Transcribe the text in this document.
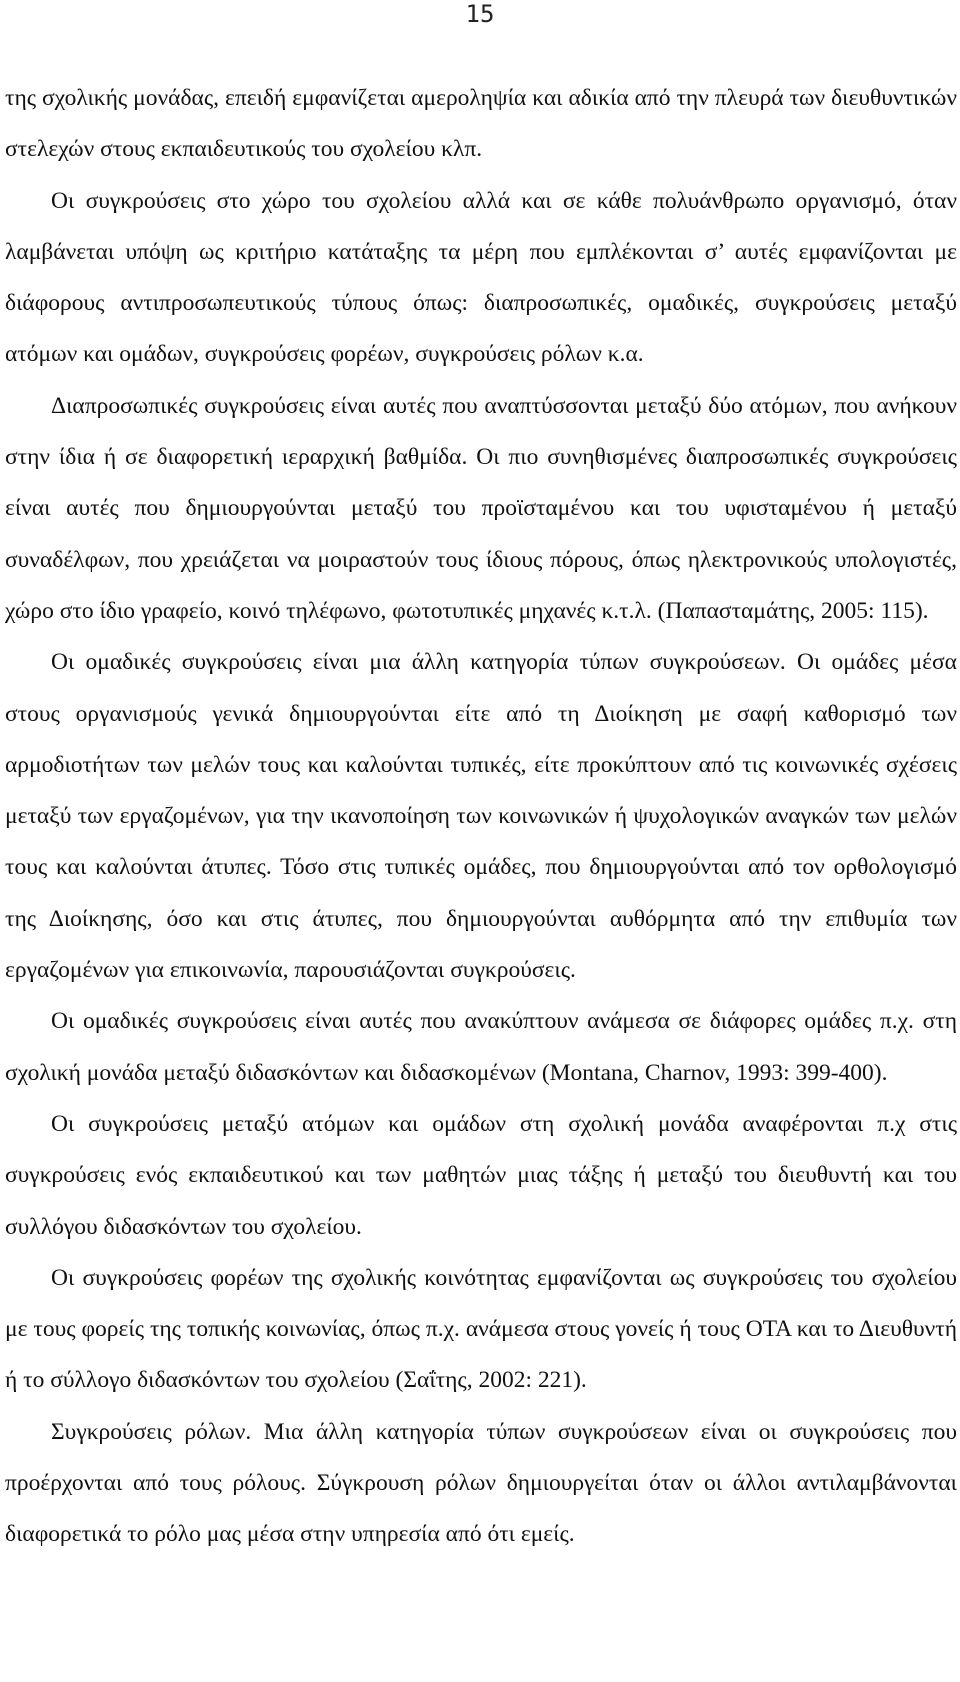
15

της σχολικής μονάδας, επειδή εμφανίζεται αμεροληψία και αδικία από την πλευρά των διευθυντικών στελεχών στους εκπαιδευτικούς του σχολείου κλπ.

Οι συγκρούσεις στο χώρο του σχολείου αλλά και σε κάθε πολυάνθρωπο οργανισμό, όταν λαμβάνεται υπόψη ως κριτήριο κατάταξης τα μέρη που εμπλέκονται σ’ αυτές εμφανίζονται με διάφορους αντιπροσωπευτικούς τύπους όπως: διαπροσωπικές, ομαδικές, συγκρούσεις μεταξύ ατόμων και ομάδων, συγκρούσεις φορέων, συγκρούσεις ρόλων κ.α.

Διαπροσωπικές συγκρούσεις είναι αυτές που αναπτύσσονται μεταξύ δύο ατόμων, που ανήκουν στην ίδια ή σε διαφορετική ιεραρχική βαθμίδα. Οι πιο συνηθισμένες διαπροσωπικές συγκρούσεις είναι αυτές που δημιουργούνται μεταξύ του προϊσταμένου και του υφισταμένου ή μεταξύ συναδέλφων, που χρειάζεται να μοιραστούν τους ίδιους πόρους, όπως ηλεκτρονικούς υπολογιστές, χώρο στο ίδιο γραφείο, κοινό τηλέφωνο, φωτοτυπικές μηχανές κ.τ.λ. (Παπασταμάτης, 2005: 115).

Οι ομαδικές συγκρούσεις είναι μια άλλη κατηγορία τύπων συγκρούσεων. Οι ομάδες μέσα στους οργανισμούς γενικά δημιουργούνται είτε από τη Διοίκηση με σαφή καθορισμό των αρμοδιοτήτων των μελών τους και καλούνται τυπικές, είτε προκύπτουν από τις κοινωνικές σχέσεις μεταξύ των εργαζομένων, για την ικανοποίηση των κοινωνικών ή ψυχολογικών αναγκών των μελών τους και καλούνται άτυπες. Τόσο στις τυπικές ομάδες, που δημιουργούνται από τον ορθολογισμό της Διοίκησης, όσο και στις άτυπες, που δημιουργούνται αυθόρμητα από την επιθυμία των εργαζομένων για επικοινωνία, παρουσιάζονται συγκρούσεις.

Οι ομαδικές συγκρούσεις είναι αυτές που ανακύπτουν ανάμεσα σε διάφορες ομάδες π.χ. στη σχολική μονάδα μεταξύ διδασκόντων και διδασκομένων (Montana, Charnov, 1993: 399-400).

Οι συγκρούσεις μεταξύ ατόμων και ομάδων στη σχολική μονάδα αναφέρονται π.χ στις συγκρούσεις ενός εκπαιδευτικού και των μαθητών μιας τάξης ή μεταξύ του διευθυντή και του συλλόγου διδασκόντων του σχολείου.

Οι συγκρούσεις φορέων της σχολικής κοινότητας εμφανίζονται ως συγκρούσεις του σχολείου με τους φορείς της τοπικής κοινωνίας, όπως π.χ. ανάμεσα στους γονείς ή τους ΟΤΑ και το Διευθυντή ή το σύλλογο διδασκόντων του σχολείου (Σαΐτης, 2002: 221).

Συγκρούσεις ρόλων. Μια άλλη κατηγορία τύπων συγκρούσεων είναι οι συγκρούσεις που προέρχονται από τους ρόλους. Σύγκρουση ρόλων δημιουργείται όταν οι άλλοι αντιλαμβάνονται διαφορετικά το ρόλο μας μέσα στην υπηρεσία από ότι εμείς.
